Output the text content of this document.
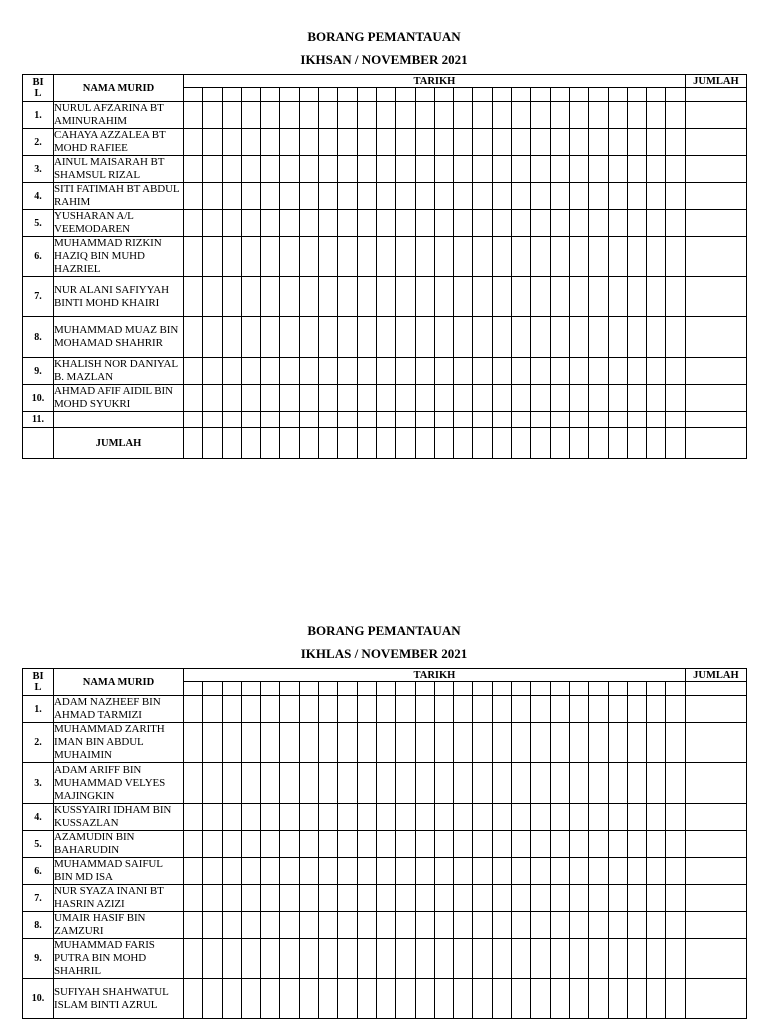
BORANG PEMANTAUAN
IKHSAN / NOVEMBER 2021
BIL	NAMA MURID	TARIKH																										JUMLAH

1.	NURUL AFZARINA BT AMINURAHIM																											
2.	CAHAYA AZZALEA BT MOHD RAFIEE																											
3.	AINUL MAISARAH BT SHAMSUL RIZAL																											
4.	SITI FATIMAH BT ABDUL RAHIM																											
5.	YUSHARAN A/L VEEMODAREN																											
6.	MUHAMMAD RIZKIN HAZIQ BIN MUHD HAZRIEL																											
7.	NUR ALANI SAFIYYAH BINTI MOHD KHAIRI																											
8.	MUHAMMAD MUAZ BIN MOHAMAD SHAHRIR																											
9.	KHALISH NOR DANIYAL B. MAZLAN																											
10.	AHMAD AFIF AIDIL BIN MOHD SYUKRI																											
11.																												
	JUMLAH																											
BORANG PEMANTAUAN
IKHLAS / NOVEMBER 2021
BIL	NAMA MURID	TARIKH																										JUMLAH

1.	ADAM NAZHEEF BIN AHMAD TARMIZI																											
2.	MUHAMMAD ZARITH IMAN BIN ABDUL MUHAIMIN																											
3.	ADAM ARIFF BIN MUHAMMAD VELYES MAJINGKIN																											
4.	KUSSYAIRI IDHAM BIN KUSSAZLAN																											
5.	AZAMUDIN BIN BAHARUDIN																											
6.	MUHAMMAD SAIFUL BIN MD ISA																											
7.	NUR SYAZA INANI BT HASRIN AZIZI																											
8.	UMAIR HASIF BIN ZAMZURI																											
9.	MUHAMMAD FARIS PUTRA BIN MOHD SHAHRIL																											
10.	SUFIYAH SHAHWATUL ISLAM BINTI AZRUL																											
